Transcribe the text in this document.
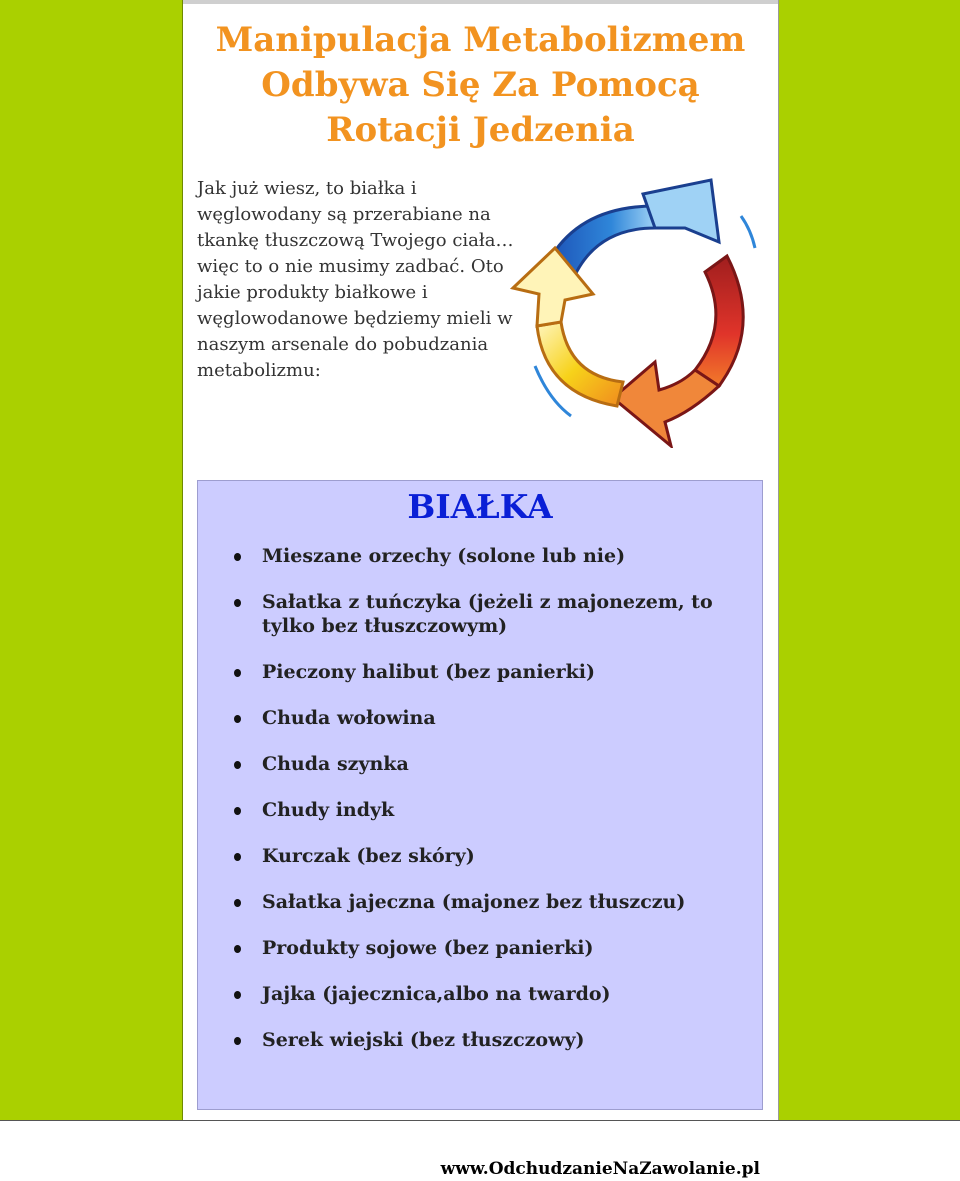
Manipulacja Metabolizmem
Odbywa Się Za Pomocą
Rotacji Jedzenia

Jak już wiesz, to białka i węglowodany są przerabiane na tkankę tłuszczową Twojego ciała… więc to o nie musimy zadbać. Oto jakie produkty białkowe i węglowodanowe będziemy mieli w naszym arsenale do pobudzania metabolizmu:

BIAŁKA
Mieszane orzechy (solone lub nie)
Sałatka z tuńczyka (jeżeli z majonezem, to tylko bez tłuszczowym)
Pieczony halibut (bez panierki)
Chuda wołowina
Chuda szynka
Chudy indyk
Kurczak (bez skóry)
Sałatka jajeczna (majonez bez tłuszczu)
Produkty sojowe (bez panierki)
Jajka (jajecznica,albo na twardo)
Serek wiejski (bez tłuszczowy)
www.OdchudzanieNaZawolanie.pl
